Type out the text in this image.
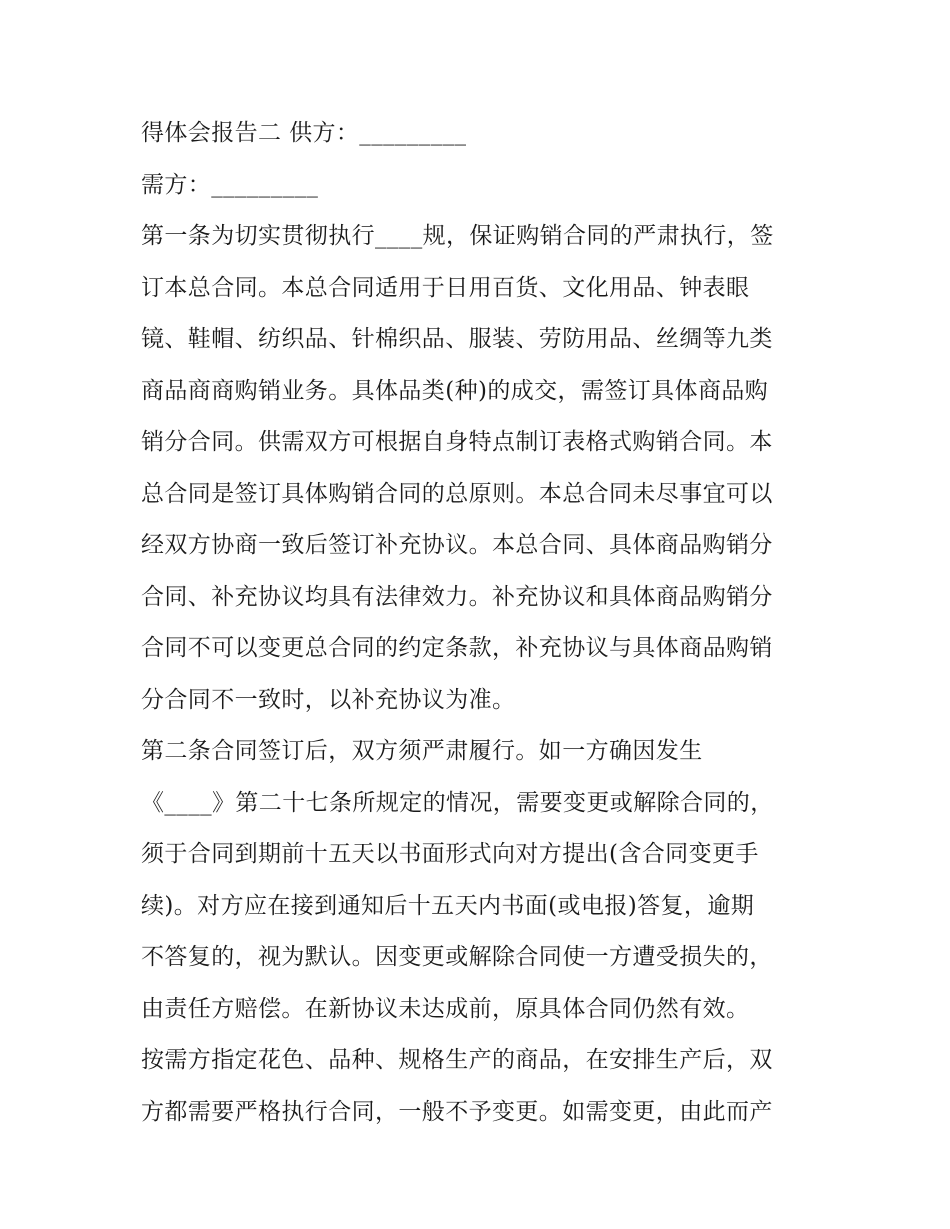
得体会报告二 供方：_________
需方：_________
第一条为切实贯彻执行____规，保证购销合同的严肃执行，签
订本总合同。本总合同适用于日用百货、文化用品、钟表眼
镜、鞋帽、纺织品、针棉织品、服装、劳防用品、丝绸等九类
商品商商购销业务。具体品类(种)的成交，需签订具体商品购
销分合同。供需双方可根据自身特点制订表格式购销合同。本
总合同是签订具体购销合同的总原则。本总合同未尽事宜可以
经双方协商一致后签订补充协议。本总合同、具体商品购销分
合同、补充协议均具有法律效力。补充协议和具体商品购销分
合同不可以变更总合同的约定条款，补充协议与具体商品购销
分合同不一致时，以补充协议为准。
第二条合同签订后，双方须严肃履行。如一方确因发生
《____》第二十七条所规定的情况，需要变更或解除合同的，
须于合同到期前十五天以书面形式向对方提出(含合同变更手
续)。对方应在接到通知后十五天内书面(或电报)答复，逾期
不答复的，视为默认。因变更或解除合同使一方遭受损失的，
由责任方赔偿。在新协议未达成前，原具体合同仍然有效。
按需方指定花色、品种、规格生产的商品，在安排生产后，双
方都需要严格执行合同，一般不予变更。如需变更，由此而产
